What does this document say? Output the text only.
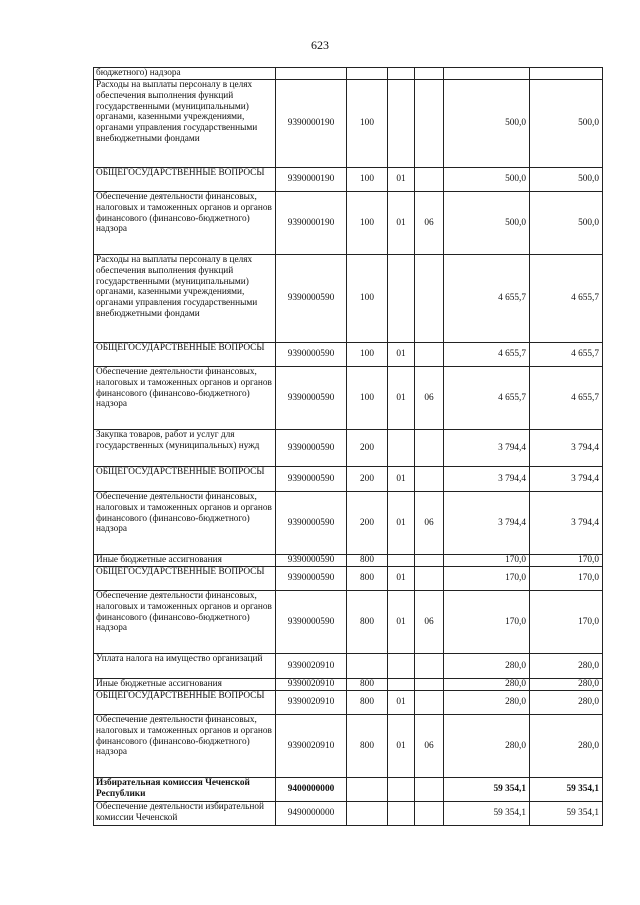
623
бюджетного) надзора						
Расходы на выплаты персоналу в целях обеспечения выполнения функций государственными (муниципальными) органами, казенными учреждениями, органами управления государственными внебюджетными фондами	9390000190	100			500,0	500,0
ОБЩЕГОСУДАРСТВЕННЫЕ ВОПРОСЫ	9390000190	100	01		500,0	500,0
Обеспечение деятельности финансовых, налоговых и таможенных органов и органов финансового (финансово-бюджетного) надзора	9390000190	100	01	06	500,0	500,0
Расходы на выплаты персоналу в целях обеспечения выполнения функций государственными (муниципальными) органами, казенными учреждениями, органами управления государственными внебюджетными фондами	9390000590	100			4 655,7	4 655,7
ОБЩЕГОСУДАРСТВЕННЫЕ ВОПРОСЫ	9390000590	100	01		4 655,7	4 655,7
Обеспечение деятельности финансовых, налоговых и таможенных органов и органов финансового (финансово-бюджетного) надзора	9390000590	100	01	06	4 655,7	4 655,7
Закупка товаров, работ и услуг для государственных (муниципальных) нужд	9390000590	200			3 794,4	3 794,4
ОБЩЕГОСУДАРСТВЕННЫЕ ВОПРОСЫ	9390000590	200	01		3 794,4	3 794,4
Обеспечение деятельности финансовых, налоговых и таможенных органов и органов финансового (финансово-бюджетного) надзора	9390000590	200	01	06	3 794,4	3 794,4
Иные бюджетные ассигнования	9390000590	800			170,0	170,0
ОБЩЕГОСУДАРСТВЕННЫЕ ВОПРОСЫ	9390000590	800	01		170,0	170,0
Обеспечение деятельности финансовых, налоговых и таможенных органов и органов финансового (финансово-бюджетного) надзора	9390000590	800	01	06	170,0	170,0
Уплата налога на имущество организаций	9390020910				280,0	280,0
Иные бюджетные ассигнования	9390020910	800			280,0	280,0
ОБЩЕГОСУДАРСТВЕННЫЕ ВОПРОСЫ	9390020910	800	01		280,0	280,0
Обеспечение деятельности финансовых, налоговых и таможенных органов и органов финансового (финансово-бюджетного) надзора	9390020910	800	01	06	280,0	280,0
Избирательная комиссия Чеченской Республики	9400000000				59 354,1	59 354,1
Обеспечение деятельности избирательной комиссии Чеченской	9490000000				59 354,1	59 354,1
